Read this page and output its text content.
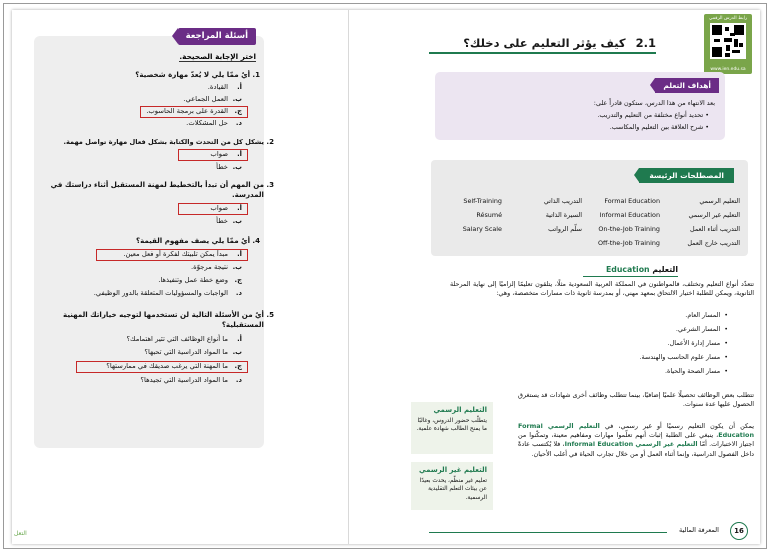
أسئلة المراجعة
اختر الإجابة الصحيحة.
1.
أيٌ ممّا يلي لا يُعدّ مهارة شخصية؟
أ.القيادة.
ب.العمل الجماعي.
ج.القدرة على برمجة الحاسوب.
د.حل المشكلات.
2.
يشكل كل من التحدث والكتابة بشكل فعال مهارة تواصل مهمة.
أ.صواب
ب.خطأ
3.
من المهم أن تبدأ بالتخطيط لمهنة المستقبل أثناء دراستك في المدرسة.
أ.صواب
ب.خطأ
4.
أيٌ ممّا يلي يصف مفهوم القيمة؟
أ.مبدأ يمكن تلبيتك لفكرة أو فعل معين.
ب.نتيجة مرجوّة.
ج.وضع خطة عمل وتنفيذها.
د.الواجبات والمسؤوليات المتعلقة بالدور الوظيفي.
5.
أيٌ من الأسئلة التالية لن تستخدمها لتوجيه خياراتك المهنية المستقبلية؟
أ.ما أنواع الوظائف التي تثير اهتمامك؟
ب.ما المواد الدراسية التي تحبها؟
ج.ما المهنة التي يرغب صديقك في ممارستها؟
د.ما المواد الدراسية التي تجيدها؟
التعل
رابط الدرس الرقمي
www.ien.edu.sa
2.1 كيف يؤثر التعليم على دخلك؟
أهداف التعلم
بعد الانتهاء من هذا الدرس، ستكون قادراً على:
• تحديد أنواع مختلفة من التعليم والتدريب.
• شرح العلاقة بين التعليم والمكاسب.
المصطلحات الرئيسة
التعليم الرسمي
Formal Education
التعليم غير الرسمي
Informal Education
التدريب أثناء العمل
On-the-Job Training
التدريب خارج العمل
Off-the-Job Training
التدريب الذاتي
Self-Training
السيرة الذاتية
Résumé
سلّم الرواتب
Salary Scale
التعليم Education
تتعدّد أنواع التعليم وتختلف، فالمواطنون في المملكة العربية السعودية مثلًا، يتلقون تعليمًا إلزاميًا إلى نهاية المرحلة الثانوية، ويمكن للطلبة اختيار الالتحاق بمعهد مهني، أو بمدرسة ثانوية ذات مسارات متخصصة، وهي:
• المسار العام.
• المسار الشرعي.
• مسار إدارة الأعمال.
• مسار علوم الحاسب والهندسة.
• مسار الصحة والحياة.
تتطلب بعض الوظائف تحصيلًا علميًا إضافيًا، بينما تتطلب وظائف أخرى شهادات قد يستغرق الحصول عليها عدة سنوات.
يمكن أن يكون التعليم رسميًا أو غير رسمي، في التعليم الرسمي Formal Education، ينبغي على الطلبة إثبات أنهم تعلّموا مهارات ومفاهيم معينة، وتمكّنوا من اجتياز الاختبارات. أمّا التعليم غير الرسمي Informal Education، فلا يُكتسب عادةً داخل الفصول الدراسية، وإنما أثناء العمل أو من خلال تجارب الحياة في أغلب الأحيان.
التعليم الرسمي
يتطلّب حضور الدروس، وغالبًا ما يمنح الطالب شهادة علمية.
التعليم غير الرسمي
تعليم غير منظّم، يحدث بعيدًا عن بيئات التعلم التقليدية الرسمية.
المعرفة المالية	16
